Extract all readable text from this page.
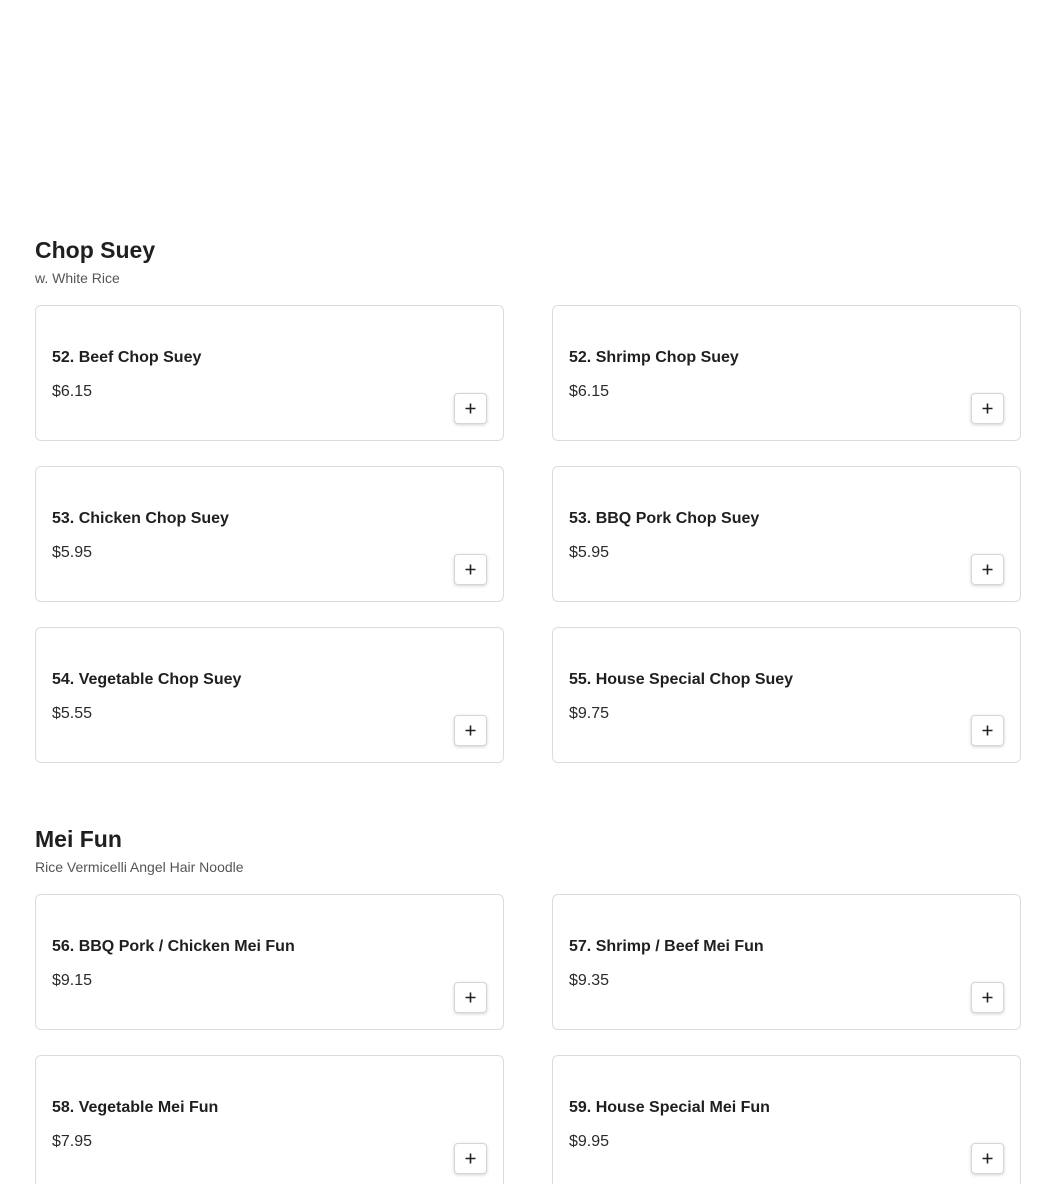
Chop Suey
w. White Rice
52. Beef Chop Suey
$6.15
52. Shrimp Chop Suey
$6.15
53. Chicken Chop Suey
$5.95
53. BBQ Pork Chop Suey
$5.95
54. Vegetable Chop Suey
$5.55
55. House Special Chop Suey
$9.75
Mei Fun
Rice Vermicelli Angel Hair Noodle
56. BBQ Pork / Chicken Mei Fun
$9.15
57. Shrimp / Beef Mei Fun
$9.35
58. Vegetable Mei Fun
$7.95
59. House Special Mei Fun
$9.95
